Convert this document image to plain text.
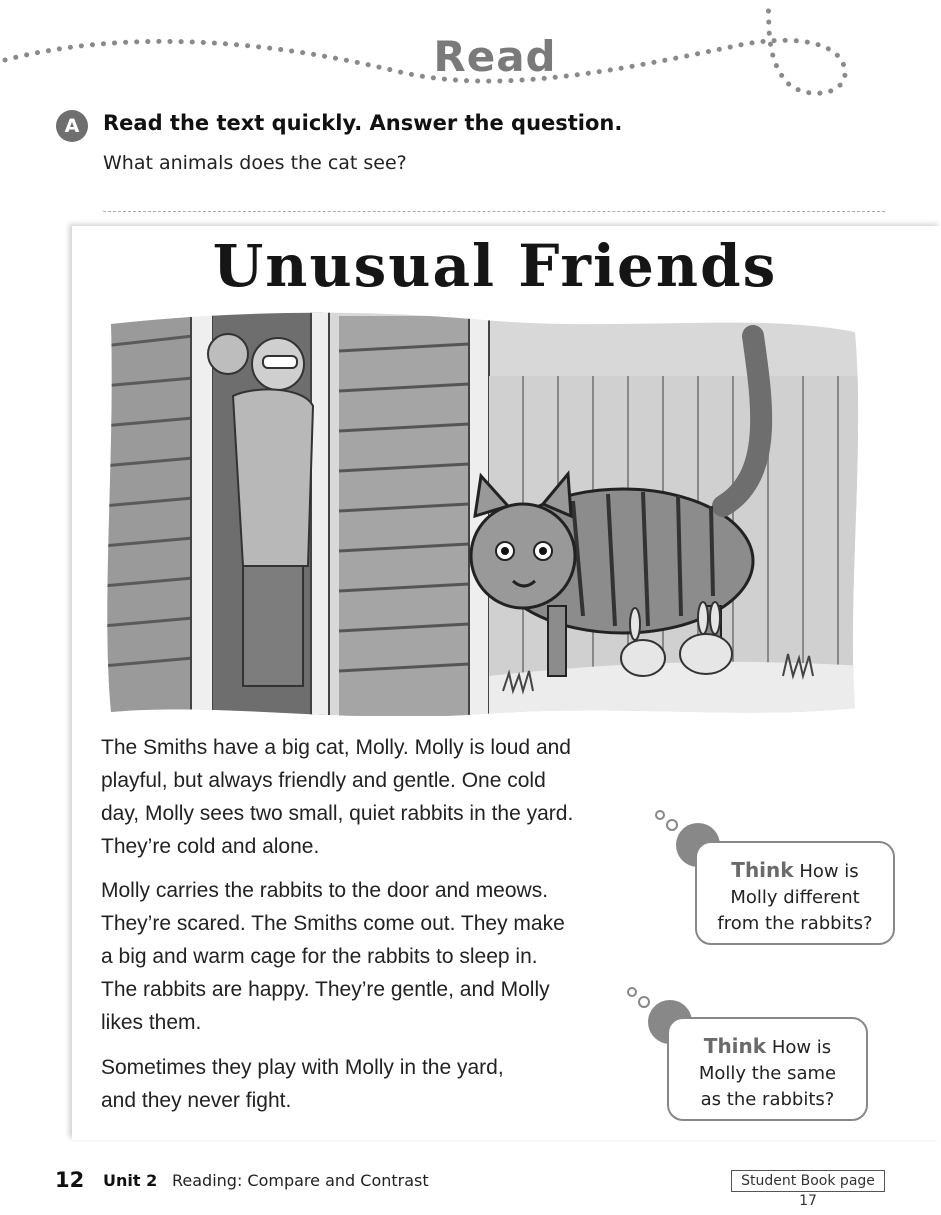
Read
A	Read the text quickly. Answer the question.
What animals does the cat see?
Unusual Friends
The Smiths have a big cat, Molly. Molly is loud and
playful, but always friendly and gentle. One cold
day, Molly sees two small, quiet rabbits in the yard.
They’re cold and alone.
Molly carries the rabbits to the door and meows.
They’re scared. The Smiths come out. They make
a big and warm cage for the rabbits to sleep in.
The rabbits are happy. They’re gentle, and Molly
likes them.
Sometimes they play with Molly in the yard,
and they never fight.
Think How is
Molly different
from the rabbits?
Think How is
Molly the same
as the rabbits?
12 Unit 2 Reading: Compare and Contrast	Student Book page 17
